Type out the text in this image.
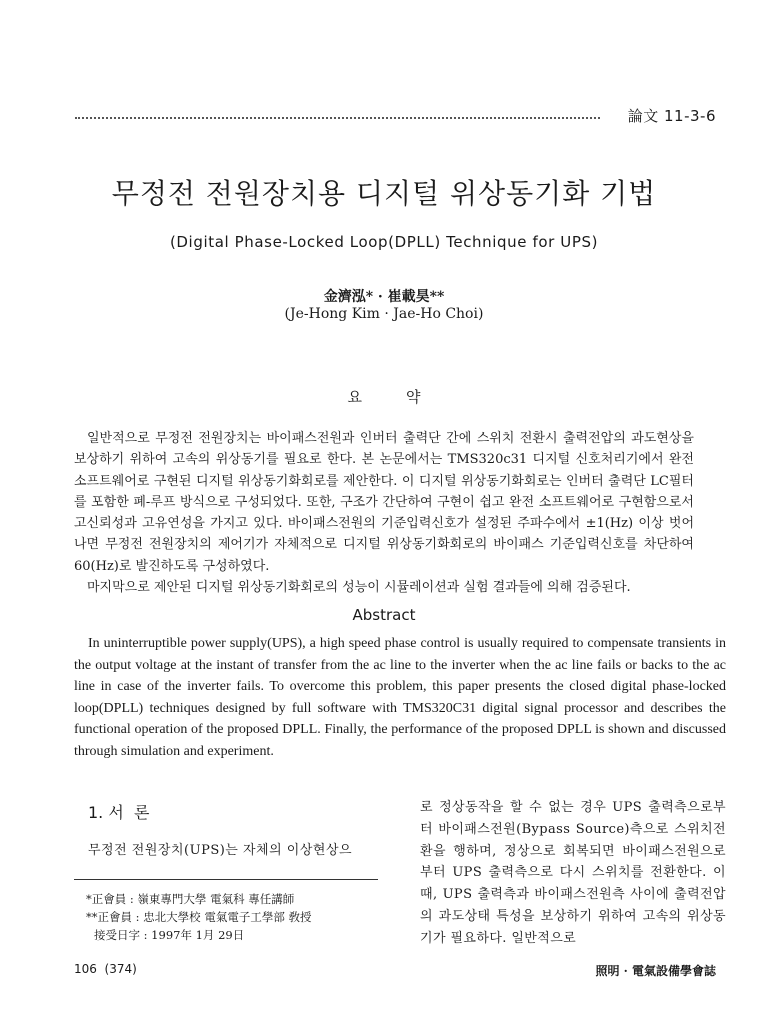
論文 11-3-6
무정전 전원장치용 디지털 위상동기화 기법
(Digital Phase-Locked Loop(DPLL) Technique for UPS)
金濟泓* · 崔載昊**
(Je-Hong Kim · Jae-Ho Choi)
요약

일반적으로 무정전 전원장치는 바이패스전원과 인버터 출력단 간에 스위치 전환시 출력전압의 과도현상을 보상하기 위하여 고속의 위상동기를 필요로 한다. 본 논문에서는 TMS320c31 디지털 신호처리기에서 완전 소프트웨어로 구현된 디지털 위상동기화회로를 제안한다. 이 디지털 위상동기화회로는 인버터 출력단 LC필터를 포함한 폐-루프 방식으로 구성되었다. 또한, 구조가 간단하여 구현이 쉽고 완전 소프트웨어로 구현함으로서 고신뢰성과 고유연성을 가지고 있다. 바이패스전원의 기준입력신호가 설정된 주파수에서 ±1(Hz) 이상 벗어나면 무정전 전원장치의 제어기가 자체적으로 디지털 위상동기화회로의 바이패스 기준입력신호를 차단하여 60(Hz)로 발진하도록 구성하였다.

마지막으로 제안된 디지털 위상동기화회로의 성능이 시뮬레이션과 실험 결과들에 의해 검증된다.

Abstract

In uninterruptible power supply(UPS), a high speed phase control is usually required to compensate transients in the output voltage at the instant of transfer from the ac line to the inverter when the ac line fails or backs to the ac line in case of the inverter fails. To overcome this problem, this paper presents the closed digital phase-locked loop(DPLL) techniques designed by full software with TMS320C31 digital signal processor and describes the functional operation of the proposed DPLL. Finally, the performance of the proposed DPLL is shown and discussed through simulation and experiment.

1. 서  론

무정전 전원장치(UPS)는 자체의 이상현상으

로 정상동작을 할 수 없는 경우 UPS 출력측으로부터 바이패스전원(Bypass Source)측으로 스위치전환을 행하며, 정상으로 회복되면 바이패스전원으로부터 UPS 출력측으로 다시 스위치를 전환한다. 이 때, UPS 출력측과 바이패스전원측 사이에 출력전압의 과도상태 특성을 보상하기 위하여 고속의 위상동기가 필요하다. 일반적으로

*正會員 : 嶺東專門大學 電氣科 專任講師
**正會員 : 忠北大學校 電氣電子工學部 敎授
接受日字 : 1997年 1月 29日
106  (374)	照明 · 電氣設備學會誌
